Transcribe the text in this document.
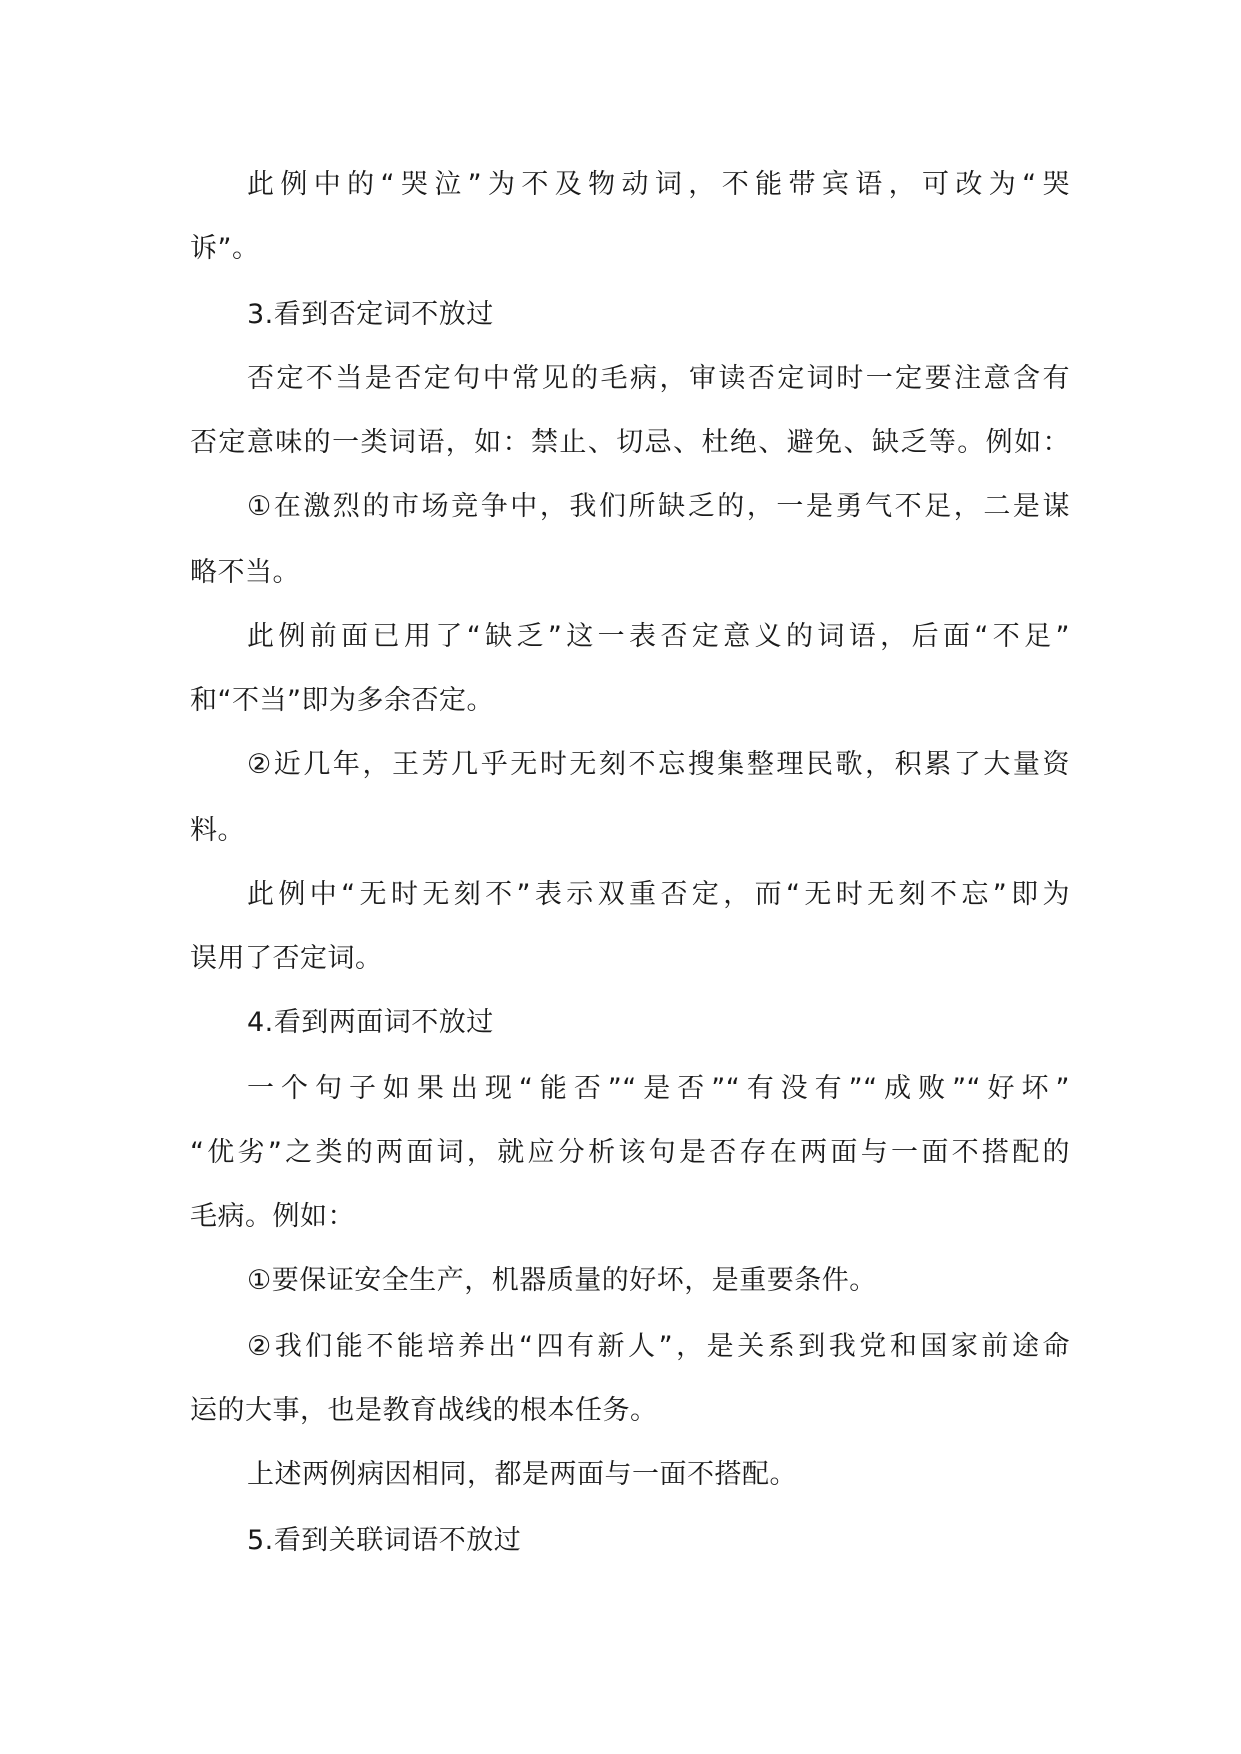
此例中的“哭泣”为不及物动词，不能带宾语，可改为“哭
诉”。
3.看到否定词不放过
否定不当是否定句中常见的毛病，审读否定词时一定要注意含有
否定意味的一类词语，如：禁止、切忌、杜绝、避免、缺乏等。例如：
①在激烈的市场竞争中，我们所缺乏的，一是勇气不足，二是谋
略不当。
此例前面已用了“缺乏”这一表否定意义的词语，后面“不足”
和“不当”即为多余否定。
②近几年，王芳几乎无时无刻不忘搜集整理民歌，积累了大量资
料。
此例中“无时无刻不”表示双重否定，而“无时无刻不忘”即为
误用了否定词。
4.看到两面词不放过
一个句子如果出现“能否”“是否”“有没有”“成败”“好坏”
“优劣”之类的两面词，就应分析该句是否存在两面与一面不搭配的
毛病。例如：
①要保证安全生产，机器质量的好坏，是重要条件。
②我们能不能培养出“四有新人”，是关系到我党和国家前途命
运的大事，也是教育战线的根本任务。
上述两例病因相同，都是两面与一面不搭配。
5.看到关联词语不放过
